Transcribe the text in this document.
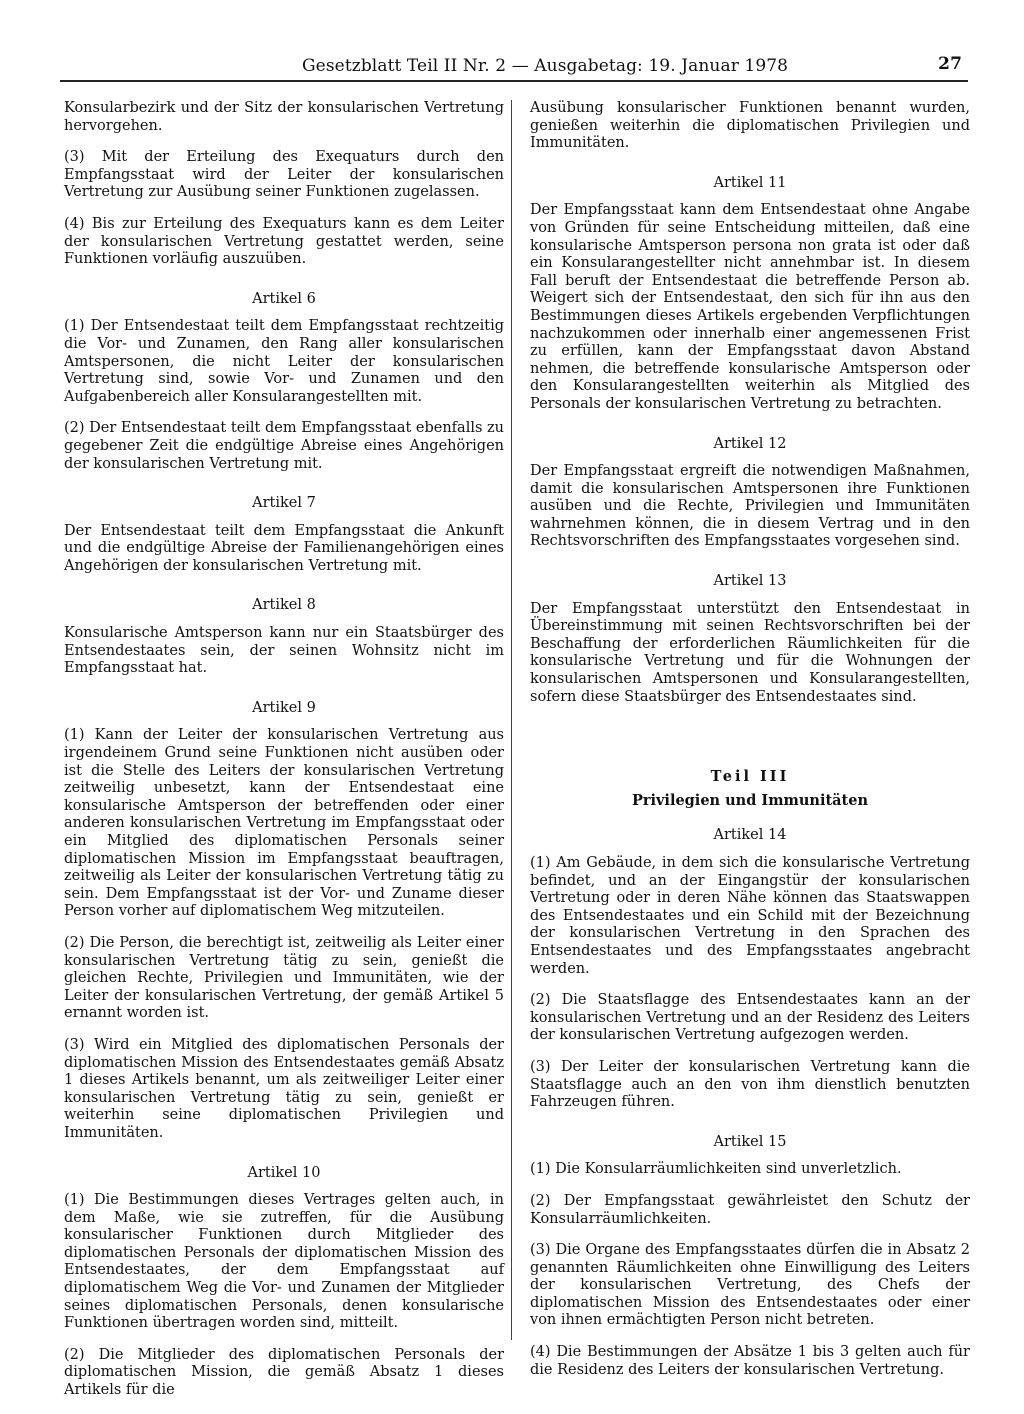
Gesetzblatt Teil II Nr. 2 — Ausgabetag: 19. Januar 1978	27

Konsularbezirk und der Sitz der konsularischen Vertretung hervorgehen.

(3) Mit der Erteilung des Exequaturs durch den Empfangsstaat wird der Leiter der konsularischen Vertretung zur Ausübung seiner Funktionen zugelassen.

(4) Bis zur Erteilung des Exequaturs kann es dem Leiter der konsularischen Vertretung gestattet werden, seine Funktionen vorläufig auszuüben.

Artikel 6

(1) Der Entsendestaat teilt dem Empfangsstaat rechtzeitig die Vor- und Zunamen, den Rang aller konsularischen Amtspersonen, die nicht Leiter der konsularischen Vertretung sind, sowie Vor- und Zunamen und den Aufgabenbereich aller Konsularangestellten mit.

(2) Der Entsendestaat teilt dem Empfangsstaat ebenfalls zu gegebener Zeit die endgültige Abreise eines Angehörigen der konsularischen Vertretung mit.

Artikel 7

Der Entsendestaat teilt dem Empfangsstaat die Ankunft und die endgültige Abreise der Familienangehörigen eines Angehörigen der konsularischen Vertretung mit.

Artikel 8

Konsularische Amtsperson kann nur ein Staatsbürger des Entsendestaates sein, der seinen Wohnsitz nicht im Empfangsstaat hat.

Artikel 9

(1) Kann der Leiter der konsularischen Vertretung aus irgendeinem Grund seine Funktionen nicht ausüben oder ist die Stelle des Leiters der konsularischen Vertretung zeitweilig unbesetzt, kann der Entsendestaat eine konsularische Amtsperson der betreffenden oder einer anderen konsularischen Vertretung im Empfangsstaat oder ein Mitglied des diplomatischen Personals seiner diplomatischen Mission im Empfangsstaat beauftragen, zeitweilig als Leiter der konsularischen Vertretung tätig zu sein. Dem Empfangsstaat ist der Vor- und Zuname dieser Person vorher auf diplomatischem Weg mitzuteilen.

(2) Die Person, die berechtigt ist, zeitweilig als Leiter einer konsularischen Vertretung tätig zu sein, genießt die gleichen Rechte, Privilegien und Immunitäten, wie der Leiter der konsularischen Vertretung, der gemäß Artikel 5 ernannt worden ist.

(3) Wird ein Mitglied des diplomatischen Personals der diplomatischen Mission des Entsendestaates gemäß Absatz 1 dieses Artikels benannt, um als zeitweiliger Leiter einer konsularischen Vertretung tätig zu sein, genießt er weiterhin seine diplomatischen Privilegien und Immunitäten.

Artikel 10

(1) Die Bestimmungen dieses Vertrages gelten auch, in dem Maße, wie sie zutreffen, für die Ausübung konsularischer Funktionen durch Mitglieder des diplomatischen Personals der diplomatischen Mission des Entsendestaates, der dem Empfangsstaat auf diplomatischem Weg die Vor- und Zunamen der Mitglieder seines diplomatischen Personals, denen konsularische Funktionen übertragen worden sind, mitteilt.

(2) Die Mitglieder des diplomatischen Personals der diplomatischen Mission, die gemäß Absatz 1 dieses Artikels für die

Ausübung konsularischer Funktionen benannt wurden, genießen weiterhin die diplomatischen Privilegien und Immunitäten.

Artikel 11

Der Empfangsstaat kann dem Entsendestaat ohne Angabe von Gründen für seine Entscheidung mitteilen, daß eine konsularische Amtsperson persona non grata ist oder daß ein Konsularangestellter nicht annehmbar ist. In diesem Fall beruft der Entsendestaat die betreffende Person ab. Weigert sich der Entsendestaat, den sich für ihn aus den Bestimmungen dieses Artikels ergebenden Verpflichtungen nachzukommen oder innerhalb einer angemessenen Frist zu erfüllen, kann der Empfangsstaat davon Abstand nehmen, die betreffende konsularische Amtsperson oder den Konsularangestellten weiterhin als Mitglied des Personals der konsularischen Vertretung zu betrachten.

Artikel 12

Der Empfangsstaat ergreift die notwendigen Maßnahmen, damit die konsularischen Amtspersonen ihre Funktionen ausüben und die Rechte, Privilegien und Immunitäten wahrnehmen können, die in diesem Vertrag und in den Rechtsvorschriften des Empfangsstaates vorgesehen sind.

Artikel 13

Der Empfangsstaat unterstützt den Entsendestaat in Übereinstimmung mit seinen Rechtsvorschriften bei der Beschaffung der erforderlichen Räumlichkeiten für die konsularische Vertretung und für die Wohnungen der konsularischen Amtspersonen und Konsularangestellten, sofern diese Staatsbürger des Entsendestaates sind.

Teil III
Privilegien und Immunitäten
Artikel 14

(1) Am Gebäude, in dem sich die konsularische Vertretung befindet, und an der Eingangstür der konsularischen Vertretung oder in deren Nähe können das Staatswappen des Entsendestaates und ein Schild mit der Bezeichnung der konsularischen Vertretung in den Sprachen des Entsendestaates und des Empfangsstaates angebracht werden.

(2) Die Staatsflagge des Entsendestaates kann an der konsularischen Vertretung und an der Residenz des Leiters der konsularischen Vertretung aufgezogen werden.

(3) Der Leiter der konsularischen Vertretung kann die Staatsflagge auch an den von ihm dienstlich benutzten Fahrzeugen führen.

Artikel 15

(1) Die Konsularräumlichkeiten sind unverletzlich.

(2) Der Empfangsstaat gewährleistet den Schutz der Konsularräumlichkeiten.

(3) Die Organe des Empfangsstaates dürfen die in Absatz 2 genannten Räumlichkeiten ohne Einwilligung des Leiters der konsularischen Vertretung, des Chefs der diplomatischen Mission des Entsendestaates oder einer von ihnen ermächtigten Person nicht betreten.

(4) Die Bestimmungen der Absätze 1 bis 3 gelten auch für die Residenz des Leiters der konsularischen Vertretung.
